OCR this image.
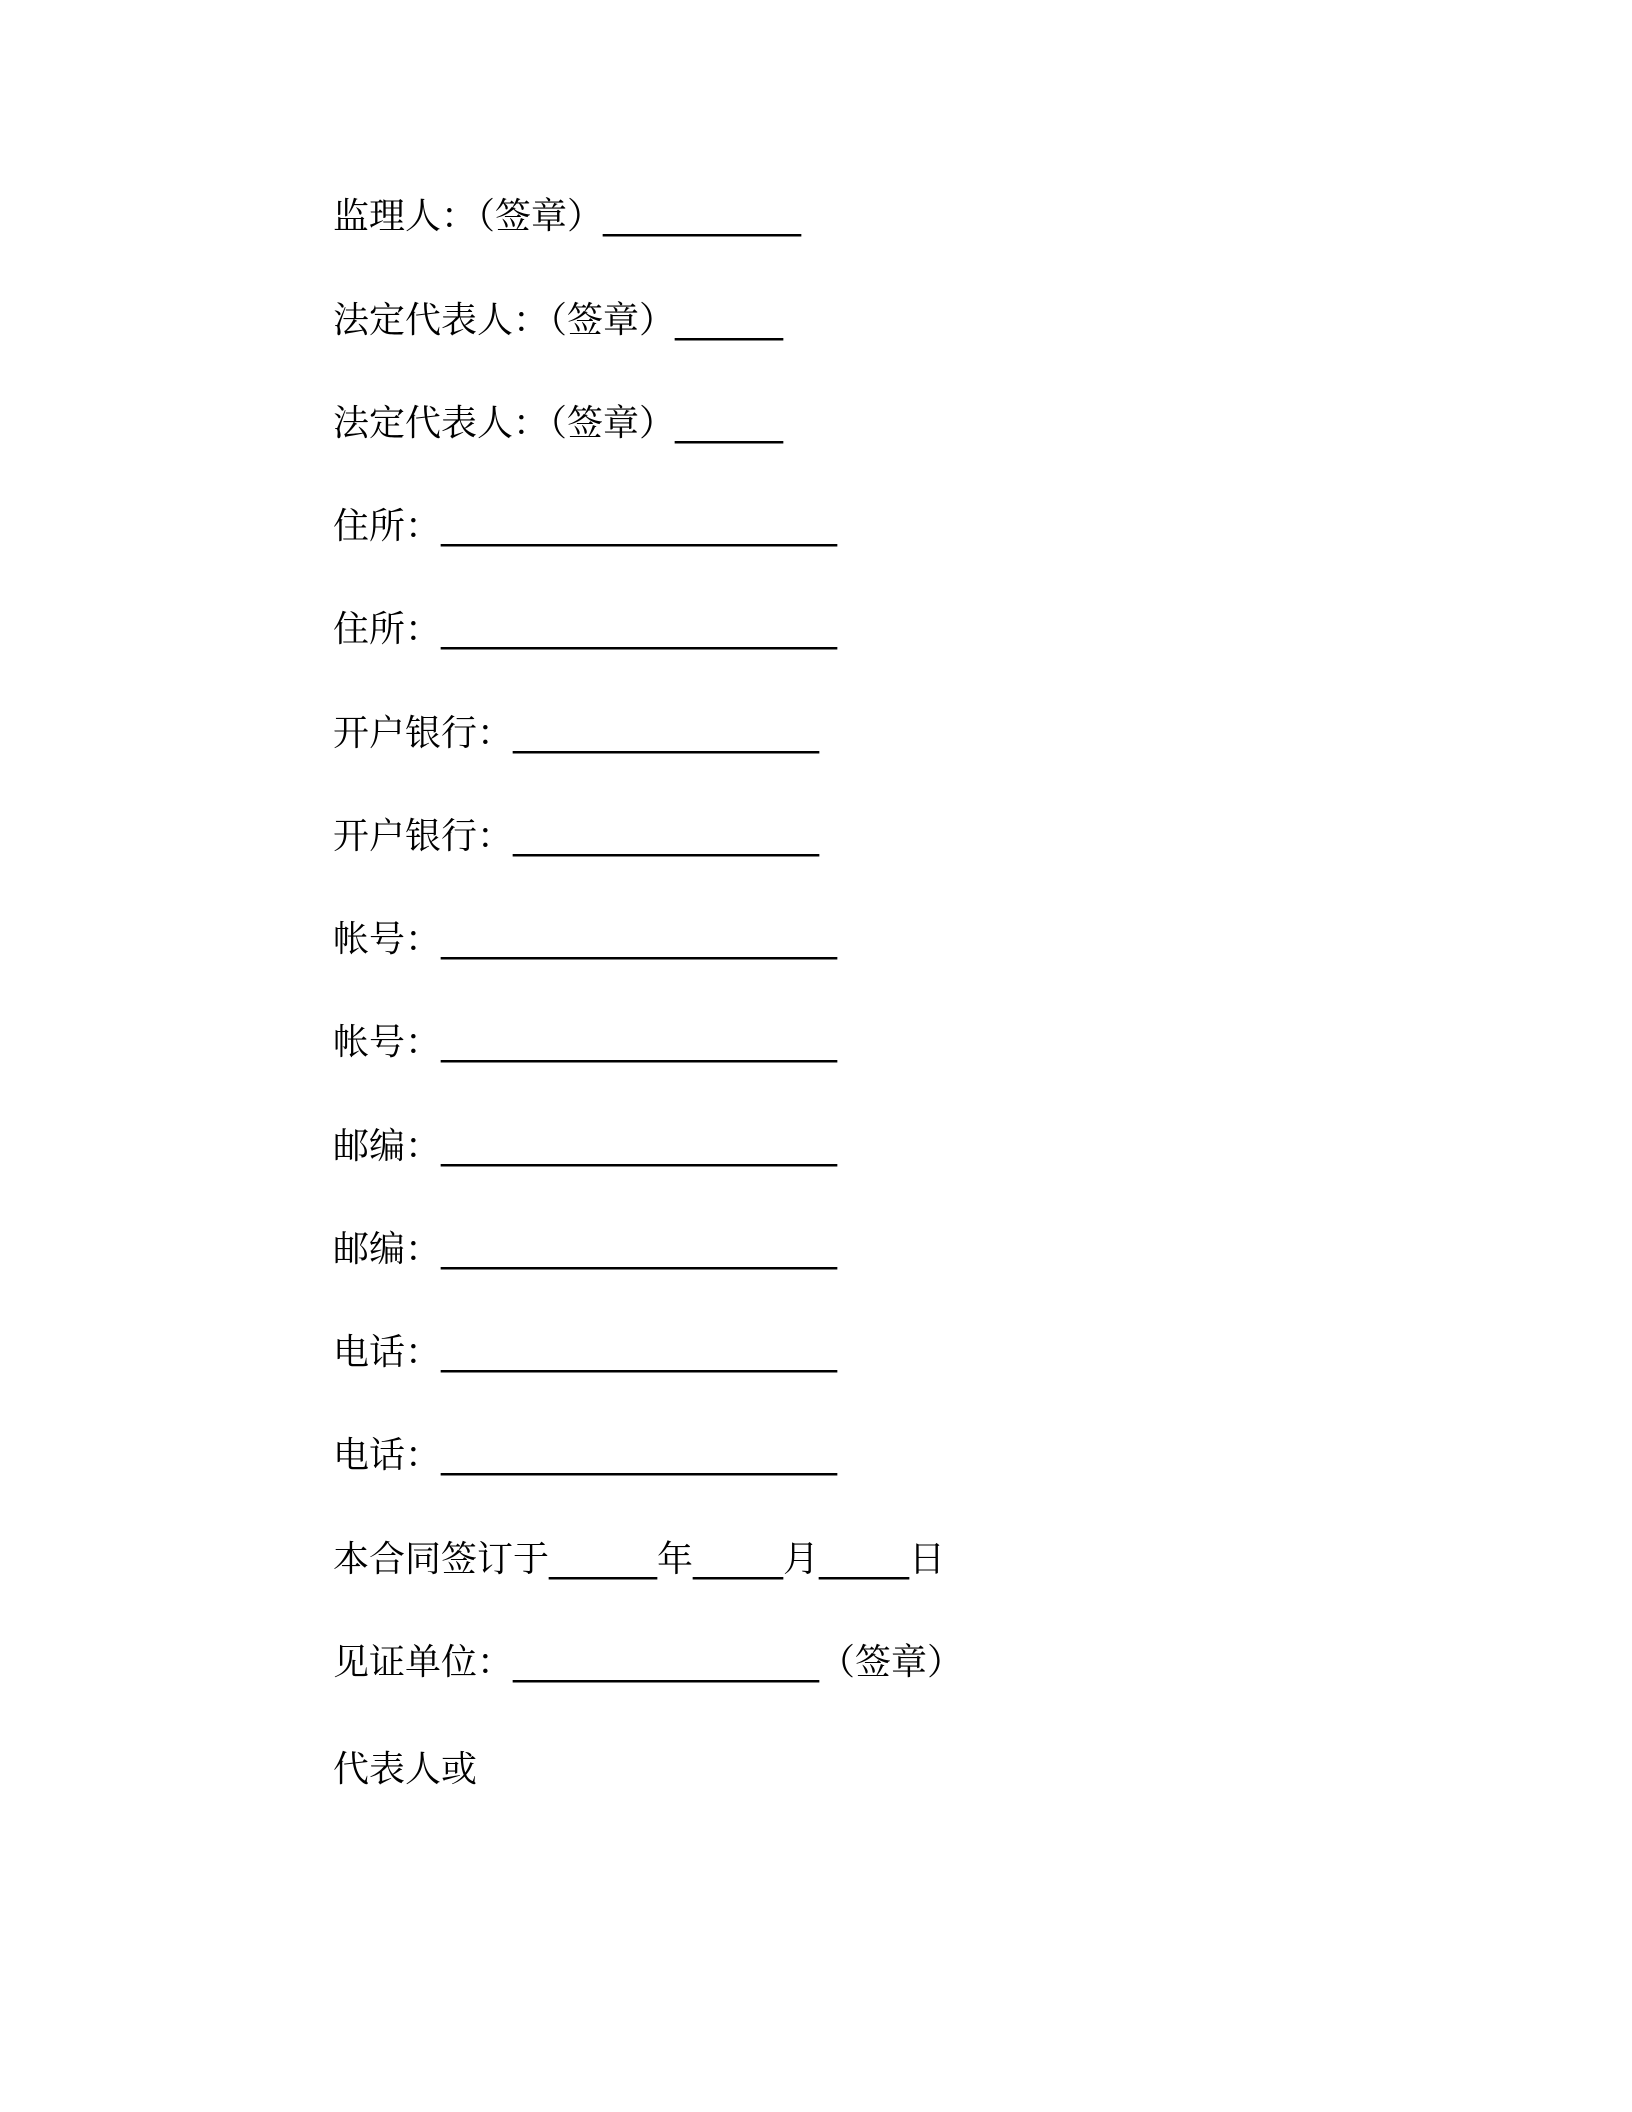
监理人：（签章）___________

法定代表人：（签章）______

法定代表人：（签章）______

住所：______________________

住所：______________________

开户银行：_________________

开户银行：_________________

帐号：______________________

帐号：______________________

邮编：______________________

邮编：______________________

电话：______________________

电话：______________________

本合同签订于______年_____月_____日

见证单位：_________________（签章）

代表人或
